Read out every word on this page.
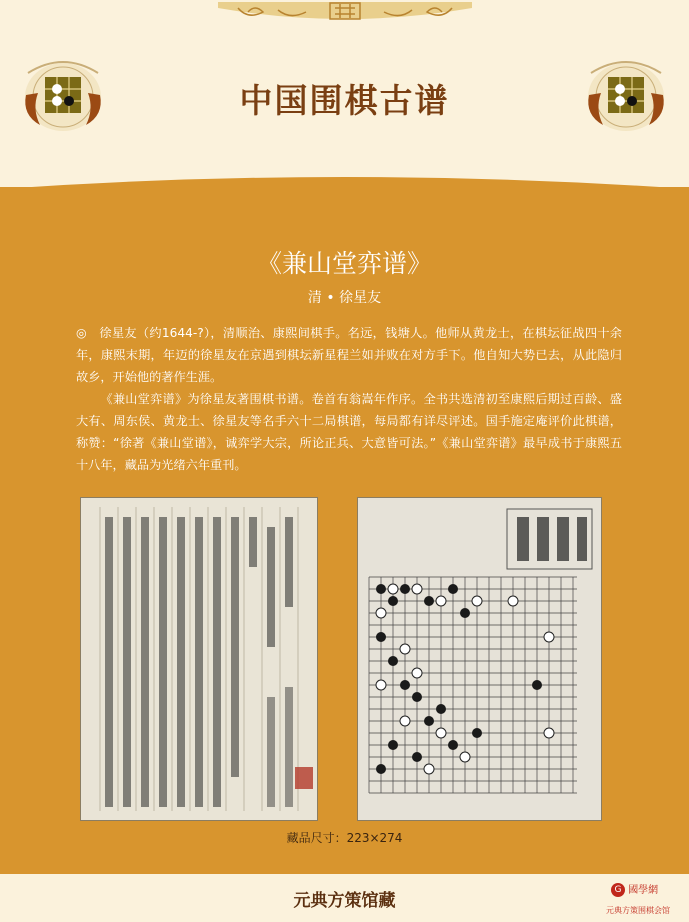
中国围棋古谱
《兼山堂弈谱》
清 • 徐星友

◎　徐星友（约1644-?），清顺治、康熙间棋手。名远，钱塘人。他师从黄龙士，在棋坛征战四十余年，康熙末期，年迈的徐星友在京遇到棋坛新星程兰如并败在对方手下。他自知大势已去，从此隐归故乡，开始他的著作生涯。

《兼山堂弈谱》为徐星友著围棋书谱。卷首有翁嵩年作序。全书共选清初至康熙后期过百龄、盛大有、周东侯、黄龙士、徐星友等名手六十二局棋谱，每局都有详尽评述。国手施定庵评价此棋谱，称赞：“徐著《兼山堂谱》，诚弈学大宗，所论正兵、大意皆可法。”《兼山堂弈谱》最早成书于康熙五十八年，藏品为光绪六年重刊。

藏品尺寸：223×274
元典方策馆藏
G 國學網
元典方策围棋会馆
